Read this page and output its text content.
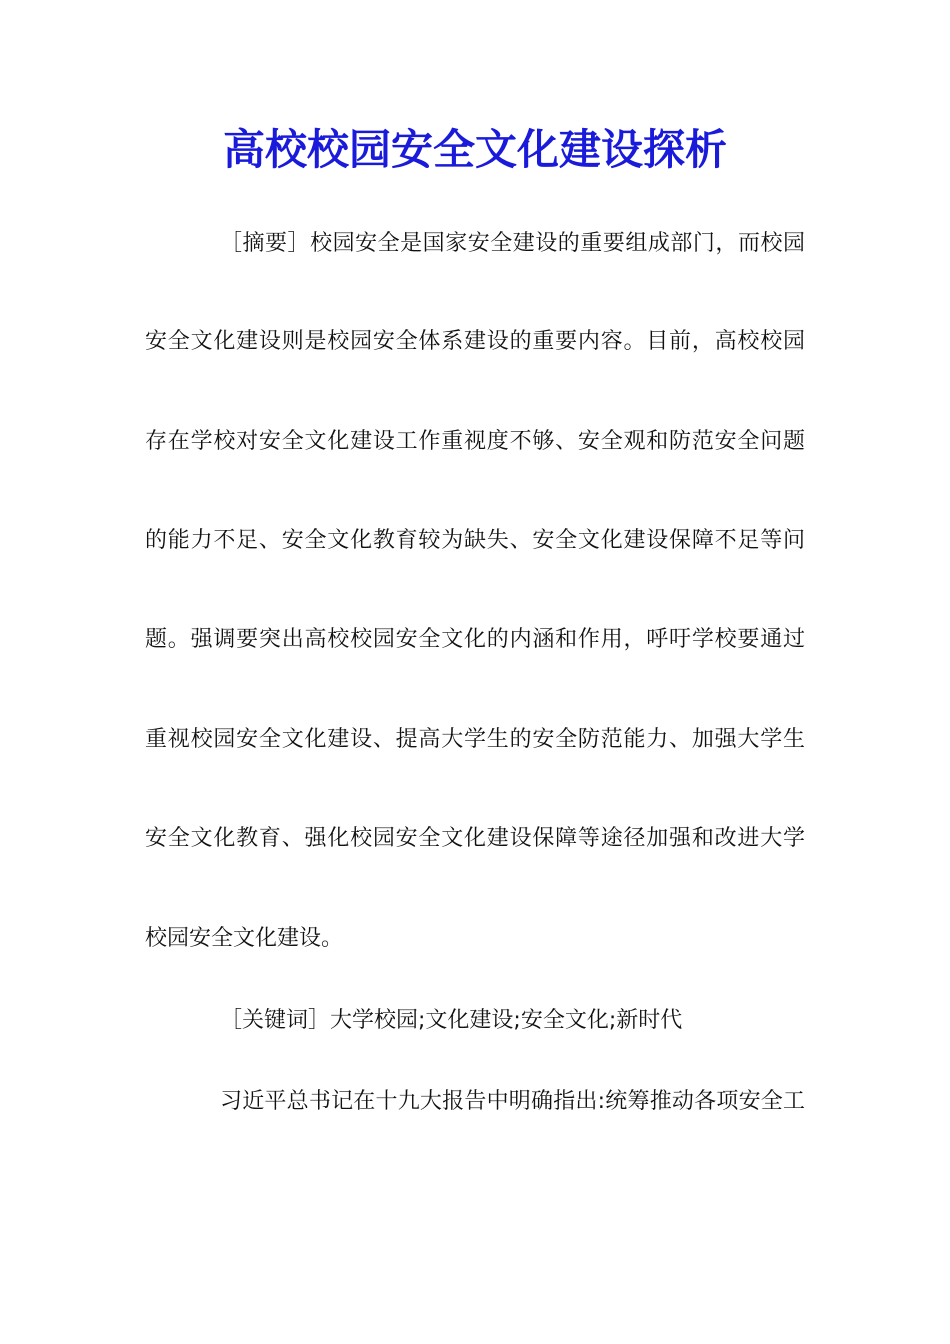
高校校园安全文化建设探析
［摘要］校园安全是国家安全建设的重要组成部门，而校园
安全文化建设则是校园安全体系建设的重要内容。目前，高校校园
存在学校对安全文化建设工作重视度不够、安全观和防范安全问题
的能力不足、安全文化教育较为缺失、安全文化建设保障不足等问
题。强调要突出高校校园安全文化的内涵和作用，呼吁学校要通过
重视校园安全文化建设、提高大学生的安全防范能力、加强大学生
安全文化教育、强化校园安全文化建设保障等途径加强和改进大学
校园安全文化建设。
［关键词］大学校园;文化建设;安全文化;新时代
习近平总书记在十九大报告中明确指出:统筹推动各项安全工
